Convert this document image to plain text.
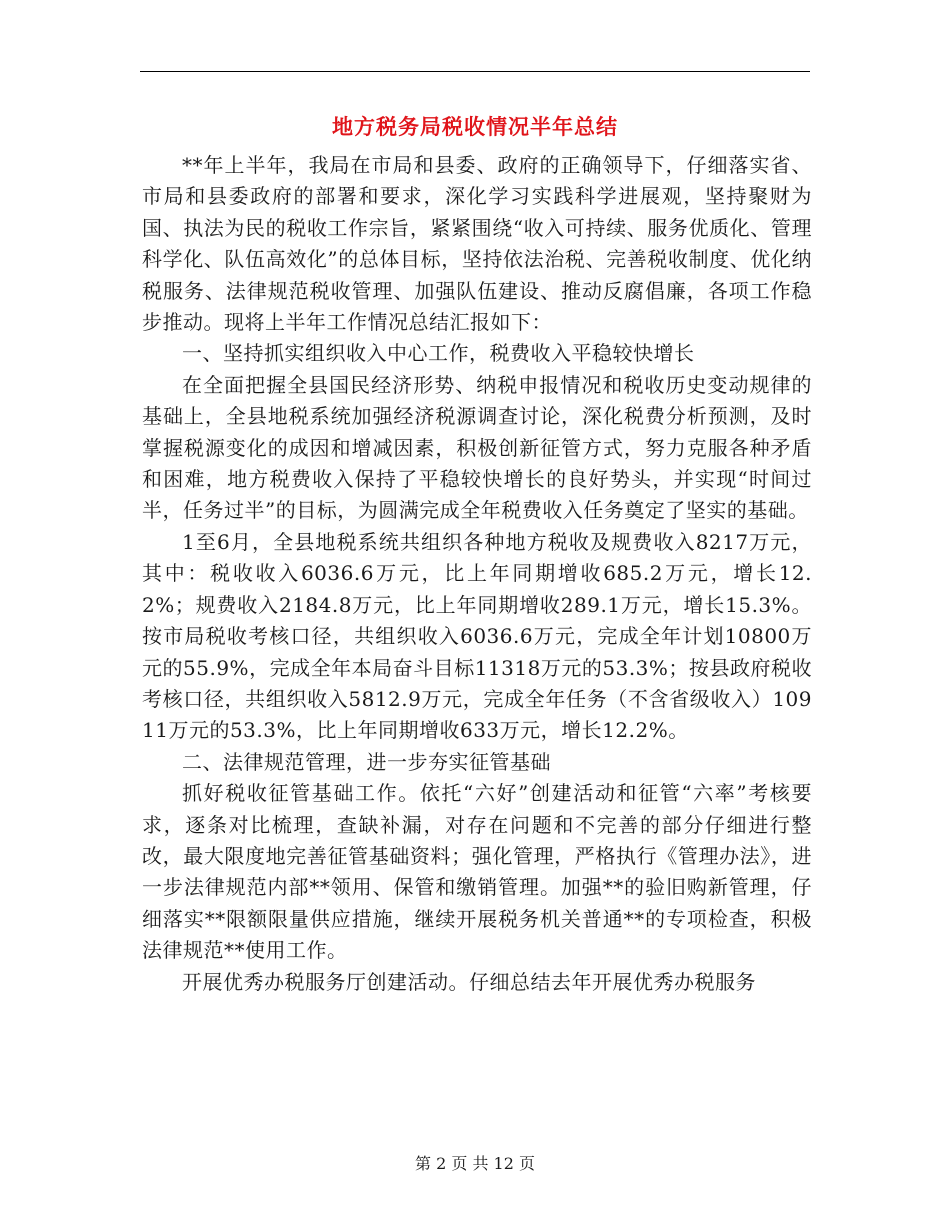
地方税务局税收情况半年总结

**年上半年，我局在市局和县委、政府的正确领导下，仔细落实省、市局和县委政府的部署和要求，深化学习实践科学进展观，坚持聚财为国、执法为民的税收工作宗旨，紧紧围绕“收入可持续、服务优质化、管理科学化、队伍高效化”的总体目标，坚持依法治税、完善税收制度、优化纳税服务、法律规范税收管理、加强队伍建设、推动反腐倡廉，各项工作稳步推动。现将上半年工作情况总结汇报如下：

一、坚持抓实组织收入中心工作，税费收入平稳较快增长

在全面把握全县国民经济形势、纳税申报情况和税收历史变动规律的基础上，全县地税系统加强经济税源调查讨论，深化税费分析预测，及时掌握税源变化的成因和增减因素，积极创新征管方式，努力克服各种矛盾和困难，地方税费收入保持了平稳较快增长的良好势头，并实现“时间过半，任务过半”的目标，为圆满完成全年税费收入任务奠定了坚实的基础。

1至6月，全县地税系统共组织各种地方税收及规费收入8217万元，其中：税收收入6036.6万元，比上年同期增收685.2万元，增长12.2%；规费收入2184.8万元，比上年同期增收289.1万元，增长15.3%。按市局税收考核口径，共组织收入6036.6万元，完成全年计划10800万元的55.9%，完成全年本局奋斗目标11318万元的53.3%；按县政府税收考核口径，共组织收入5812.9万元，完成全年任务（不含省级收入）10911万元的53.3%，比上年同期增收633万元，增长12.2%。

二、法律规范管理，进一步夯实征管基础

抓好税收征管基础工作。依托“六好”创建活动和征管“六率”考核要求，逐条对比梳理，查缺补漏，对存在问题和不完善的部分仔细进行整改，最大限度地完善征管基础资料；强化管理，严格执行《管理办法》，进一步法律规范内部**领用、保管和缴销管理。加强**的验旧购新管理，仔细落实**限额限量供应措施，继续开展税务机关普通**的专项检查，积极法律规范**使用工作。

开展优秀办税服务厅创建活动。仔细总结去年开展优秀办税服务

第 2 页 共 12 页
